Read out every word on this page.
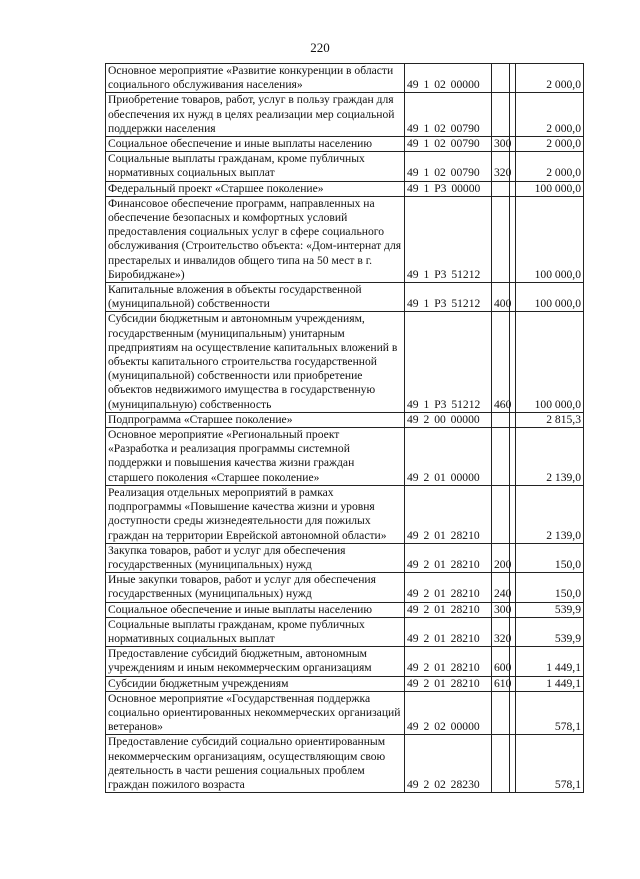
220
Основное мероприятие «Развитие конкуренции в области социального обслуживания населения»	49 1 02 00000			2 000,0

Приобретение товаров, работ, услуг в пользу граждан для обеспечения их нужд в целях реализации мер социальной поддержки населения	49 1 02 00790			2 000,0

Социальное обеспечение и иные выплаты населению	49 1 02 00790	300		2 000,0

Социальные выплаты гражданам, кроме публичных нормативных социальных выплат	49 1 02 00790	320		2 000,0

Федеральный проект «Старшее поколение»	49 1 P3 00000			100 000,0

Финансовое обеспечение программ, направленных на обеспечение безопасных и комфортных условий предоставления социальных услуг в сфере социального обслуживания (Строительство объекта: «Дом-интернат для престарелых и инвалидов общего типа на 50 мест в г. Биробиджане»)	49 1 P3 51212			100 000,0

Капитальные вложения в объекты государственной (муниципальной) собственности	49 1 P3 51212	400		100 000,0

Субсидии бюджетным и автономным учреждениям, государственным (муниципальным) унитарным предприятиям на осуществление капитальных вложений в объекты капитального строительства государственной (муниципальной) собственности или приобретение объектов недвижимого имущества в государственную (муниципальную) собственность	49 1 P3 51212	460		100 000,0

Подпрограмма «Старшее поколение»	49 2 00 00000			2 815,3

Основное мероприятие «Региональный проект «Разработка и реализация программы системной поддержки и повышения качества жизни граждан старшего поколения «Старшее поколение»	49 2 01 00000			2 139,0

Реализация отдельных мероприятий в рамках подпрограммы «Повышение качества жизни и уровня доступности среды жизнедеятельности для пожилых граждан на территории Еврейской автономной области»	49 2 01 28210			2 139,0

Закупка товаров, работ и услуг для обеспечения государственных (муниципальных) нужд	49 2 01 28210	200		150,0

Иные закупки товаров, работ и услуг для обеспечения государственных (муниципальных) нужд	49 2 01 28210	240		150,0

Социальное обеспечение и иные выплаты населению	49 2 01 28210	300		539,9

Социальные выплаты гражданам, кроме публичных нормативных социальных выплат	49 2 01 28210	320		539,9

Предоставление субсидий бюджетным, автономным учреждениям и иным некоммерческим организациям	49 2 01 28210	600		1 449,1

Субсидии бюджетным учреждениям	49 2 01 28210	610		1 449,1

Основное мероприятие «Государственная поддержка социально ориентированных некоммерческих организаций ветеранов»	49 2 02 00000			578,1

Предоставление субсидий социально ориентированным некоммерческим организациям, осуществляющим свою деятельность в части решения социальных проблем граждан пожилого возраста	49 2 02 28230			578,1
